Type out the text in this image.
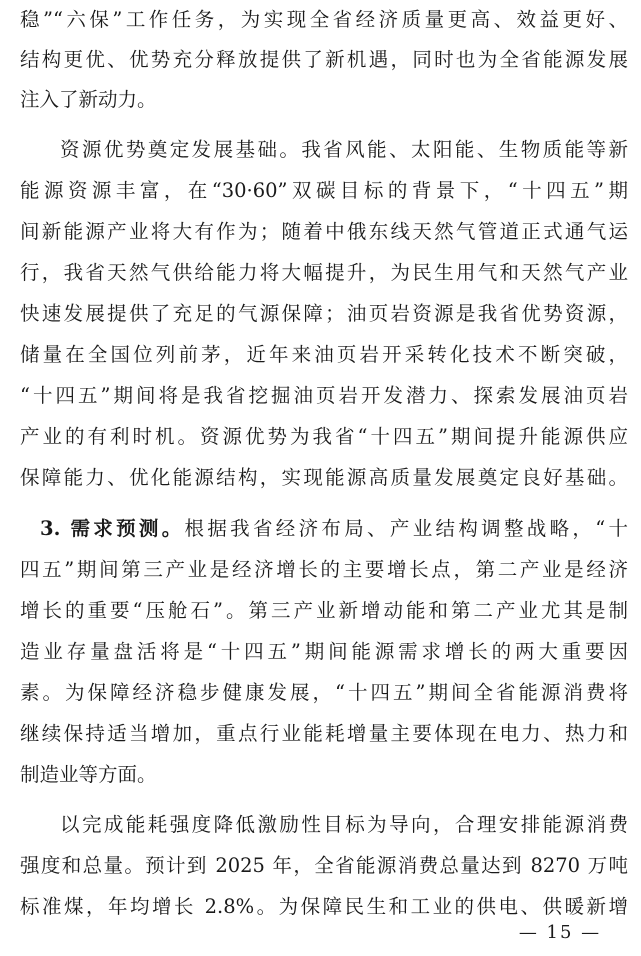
稳”“六保”工作任务，为实现全省经济质量更高、效益更好、
结构更优、优势充分释放提供了新机遇，同时也为全省能源发展
注入了新动力。
资源优势奠定发展基础。我省风能、太阳能、生物质能等新
能源资源丰富，在“30·60”双碳目标的背景下，“十四五”期
间新能源产业将大有作为；随着中俄东线天然气管道正式通气运
行，我省天然气供给能力将大幅提升，为民生用气和天然气产业
快速发展提供了充足的气源保障；油页岩资源是我省优势资源，
储量在全国位列前茅，近年来油页岩开采转化技术不断突破，
“十四五”期间将是我省挖掘油页岩开发潜力、探索发展油页岩
产业的有利时机。资源优势为我省“十四五”期间提升能源供应
保障能力、优化能源结构，实现能源高质量发展奠定良好基础。
3. 需求预测。根据我省经济布局、产业结构调整战略，“十
四五”期间第三产业是经济增长的主要增长点，第二产业是经济
增长的重要“压舱石”。第三产业新增动能和第二产业尤其是制
造业存量盘活将是“十四五”期间能源需求增长的两大重要因
素。为保障经济稳步健康发展，“十四五”期间全省能源消费将
继续保持适当增加，重点行业能耗增量主要体现在电力、热力和
制造业等方面。
以完成能耗强度降低激励性目标为导向，合理安排能源消费
强度和总量。预计到 2025 年，全省能源消费总量达到 8270 万吨
标准煤，年均增长 2.8%。为保障民生和工业的供电、供暖新增
— 15 —
